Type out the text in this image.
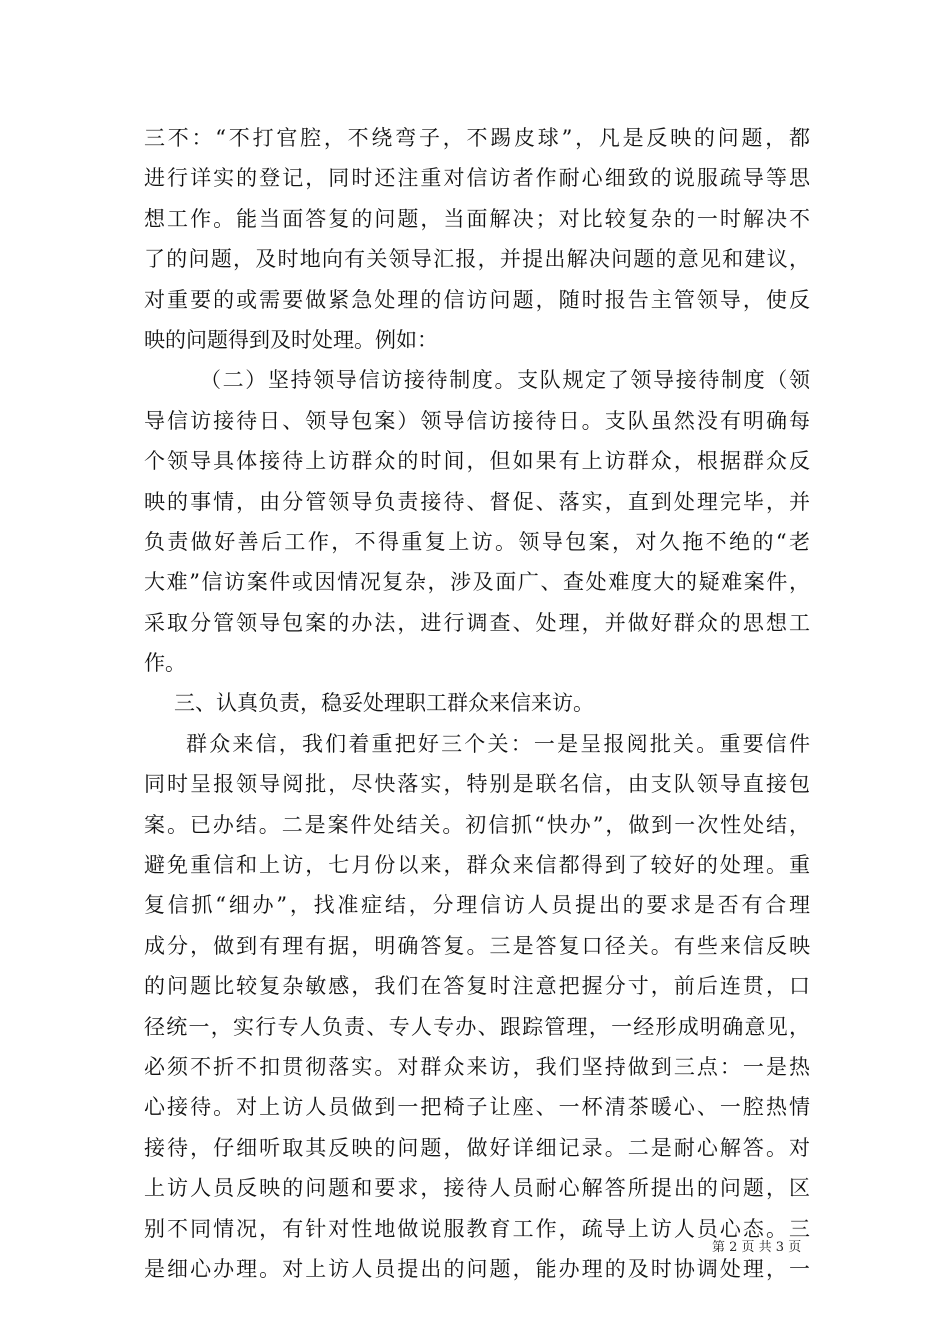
三不：“不打官腔，不绕弯子，不踢皮球”，凡是反映的问题，都
进行详实的登记，同时还注重对信访者作耐心细致的说服疏导等思
想工作。能当面答复的问题，当面解决；对比较复杂的一时解决不
了的问题，及时地向有关领导汇报，并提出解决问题的意见和建议，
对重要的或需要做紧急处理的信访问题，随时报告主管领导，使反
映的问题得到及时处理。例如：
（二）坚持领导信访接待制度。支队规定了领导接待制度（领
导信访接待日、领导包案）领导信访接待日。支队虽然没有明确每
个领导具体接待上访群众的时间，但如果有上访群众，根据群众反
映的事情，由分管领导负责接待、督促、落实，直到处理完毕，并
负责做好善后工作，不得重复上访。领导包案，对久拖不绝的“老
大难”信访案件或因情况复杂，涉及面广、查处难度大的疑难案件，
采取分管领导包案的办法，进行调查、处理，并做好群众的思想工
作。
三、认真负责，稳妥处理职工群众来信来访。
群众来信，我们着重把好三个关：一是呈报阅批关。重要信件
同时呈报领导阅批，尽快落实，特别是联名信，由支队领导直接包
案。已办结。二是案件处结关。初信抓“快办”，做到一次性处结，
避免重信和上访，七月份以来，群众来信都得到了较好的处理。重
复信抓“细办”，找准症结，分理信访人员提出的要求是否有合理
成分，做到有理有据，明确答复。三是答复口径关。有些来信反映
的问题比较复杂敏感，我们在答复时注意把握分寸，前后连贯，口
径统一，实行专人负责、专人专办、跟踪管理，一经形成明确意见，
必须不折不扣贯彻落实。对群众来访，我们坚持做到三点：一是热
心接待。对上访人员做到一把椅子让座、一杯清茶暖心、一腔热情
接待，仔细听取其反映的问题，做好详细记录。二是耐心解答。对
上访人员反映的问题和要求，接待人员耐心解答所提出的问题，区
别不同情况，有针对性地做说服教育工作，疏导上访人员心态。三
是细心办理。对上访人员提出的问题，能办理的及时协调处理，一
第 2 页 共 3 页
